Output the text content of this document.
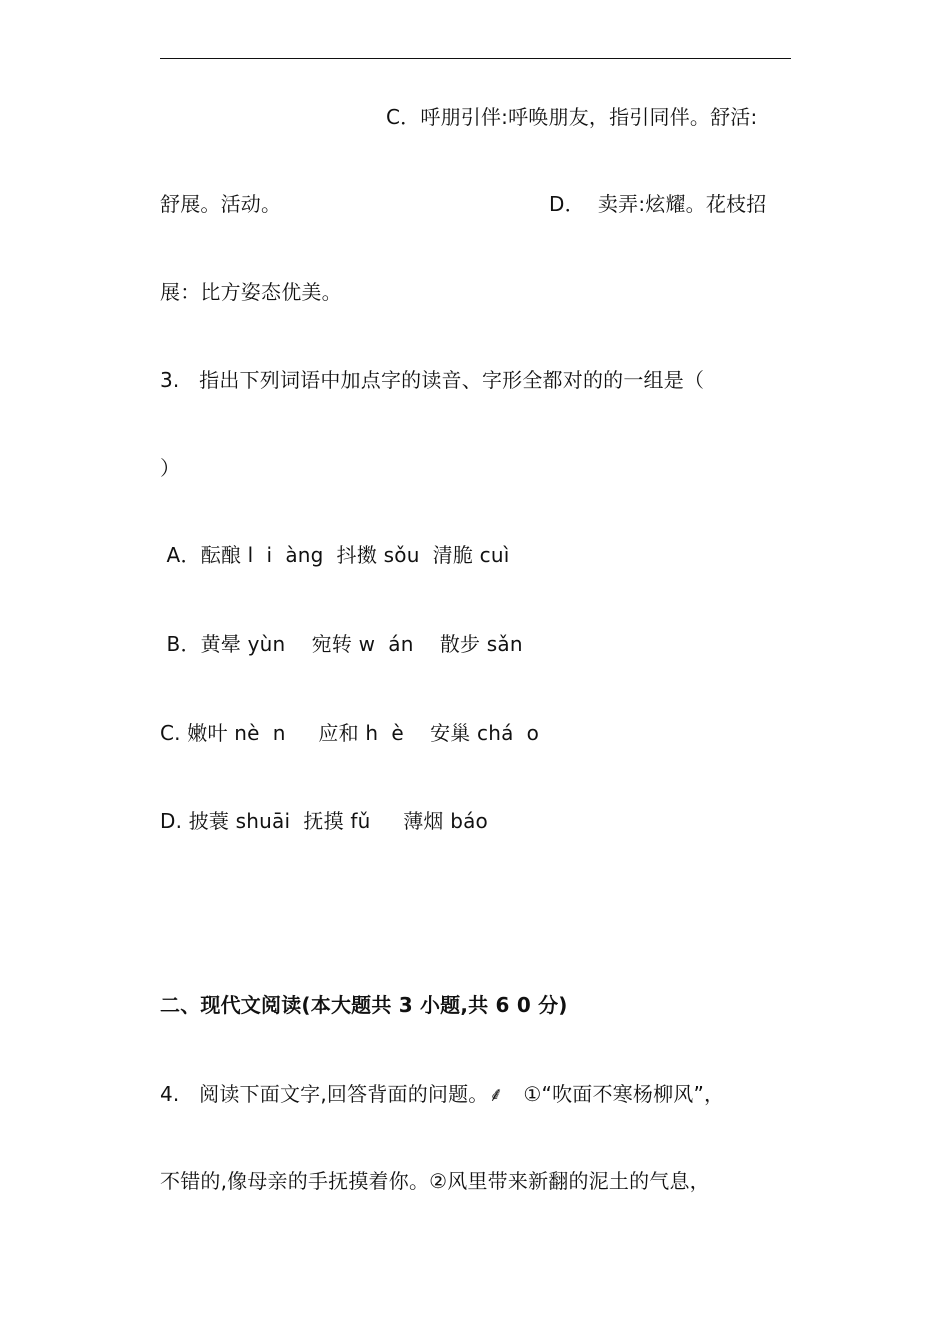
C．呼朋引伴:呼唤朋友，指引同伴。舒活:
舒展。活动。	D．  卖弄:炫耀。花枝招
展：比方姿态优美。
3.   指出下列词语中加点字的读音、字形全都对的的一组是（
）
A．酝酿 l  i  àng  抖擞 sǒu  清脆 cuì
B．黄晕 yùn    宛转 w  án    散步 sǎn
C. 嫩叶 nè  n     应和 h  è    安巢 chá  o
D. 披蓑 shuāi  抚摸 fǔ     薄烟 báo
二、现代文阅读(本大题共 3 小题,共 6 0 分)
4.   阅读下面文字,回答背面的问题。⸙   ①“吹面不寒杨柳风”，
不错的,像母亲的手抚摸着你。②风里带来新翻的泥土的气息，
